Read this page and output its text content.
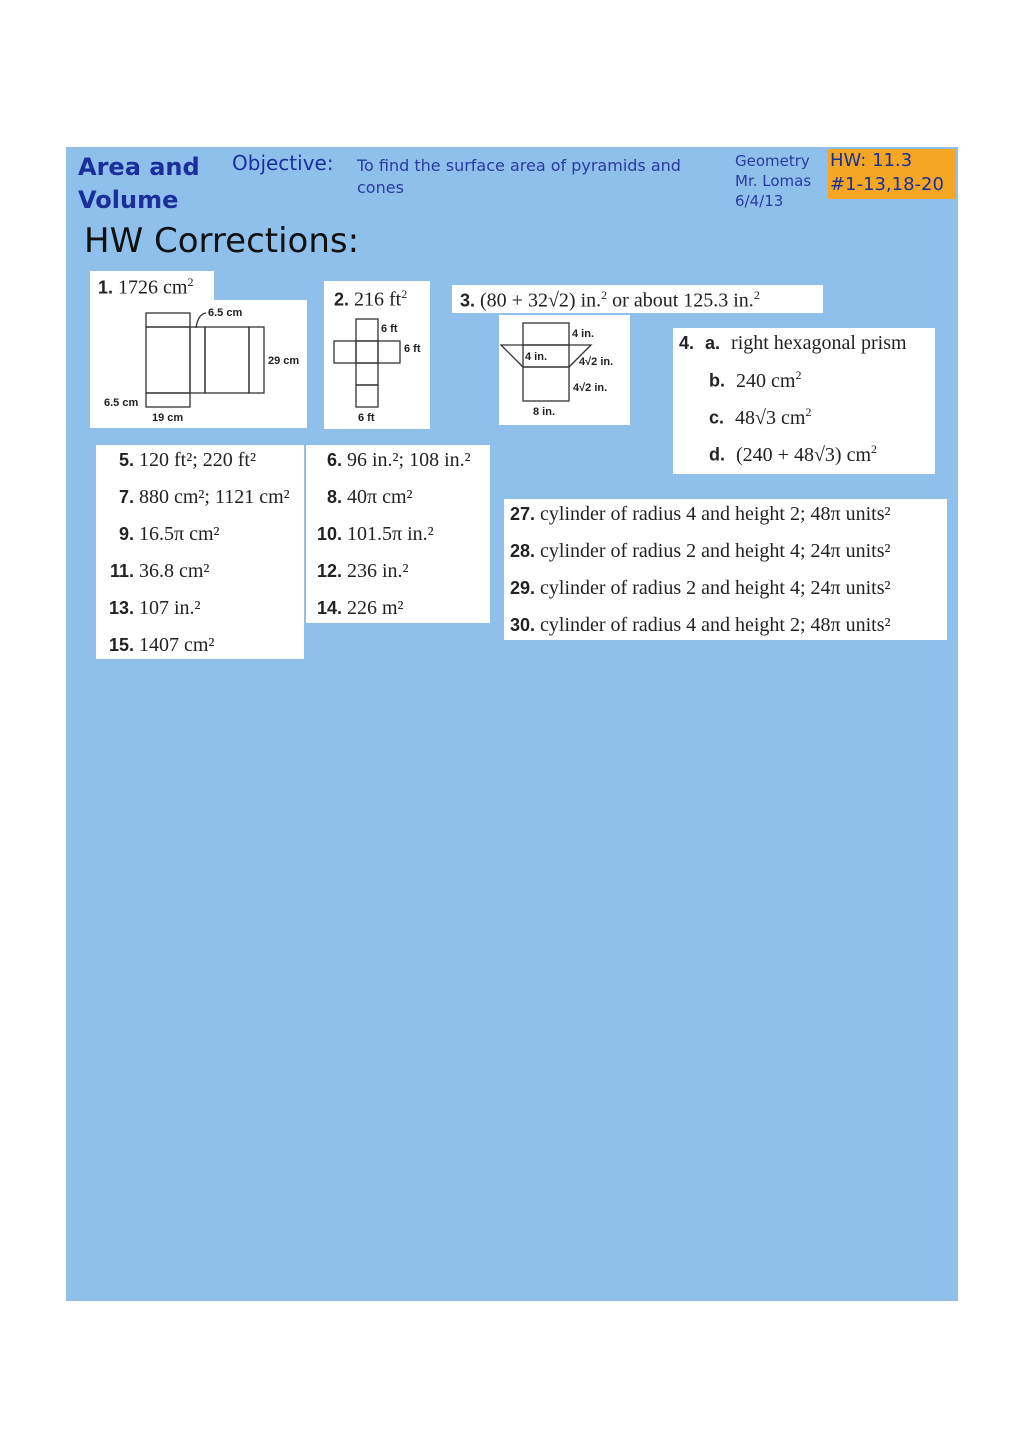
Area and
Volume
Objective: To find the surface area of pyramids and cones
Geometry
Mr. Lomas
6/4/13
HW: 11.3
#1-13,18-20
HW Corrections:
1. 1726 $cm^2$
6.5 cm
29 cm
6.5 cm
19 cm
2. 216 $ft^2$
6 ft
6 ft
6 ft
3. (80 + 32√2) in.$^2$ or about 125.3 in.$^2$
4 in.
4 in.	4√2 in.
4√2 in.
8 in.
4. a. right hexagonal prism
b. 240 $cm^2$
c. 48√3 $cm^2$
d. (240 + 48√3) $cm^2$
5. 120 ft²; 220 ft²
7. 880 cm²; 1121 cm²
9. 16.5π cm²
11. 36.8 cm²
13. 107 in.²
15. 1407 cm²
6. 96 in.²; 108 in.²
8. 40π cm²
10. 101.5π in.²
12. 236 in.²
14. 226 m²
27. cylinder of radius 4 and height 2; 48π units²
28. cylinder of radius 2 and height 4; 24π units²
29. cylinder of radius 2 and height 4; 24π units²
30. cylinder of radius 4 and height 2; 48π units²
